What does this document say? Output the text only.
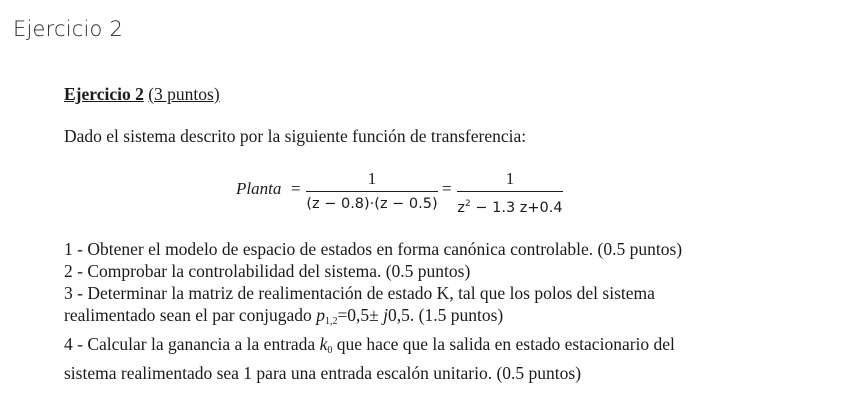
Ejercicio 2
Ejercicio 2 (3 puntos)
Dado el sistema descrito por la siguiente función de transferencia:
Planta =
1
(z − 0.8)·(z − 0.5)
=
1
$z^2 - 1.3$ z+0.4
1 - Obtener el modelo de espacio de estados en forma canónica controlable. (0.5 puntos)
2 - Comprobar la controlabilidad del sistema. (0.5 puntos)
3 - Determinar la matriz de realimentación de estado K, tal que los polos del sistema
realimentado sean el par conjugado $p_{1,2}=0,5\pm j0,5$. (1.5 puntos)
4 - Calcular la ganancia a la entrada $k_0$ que hace que la salida en estado estacionario del
sistema realimentado sea 1 para una entrada escalón unitario. (0.5 puntos)
